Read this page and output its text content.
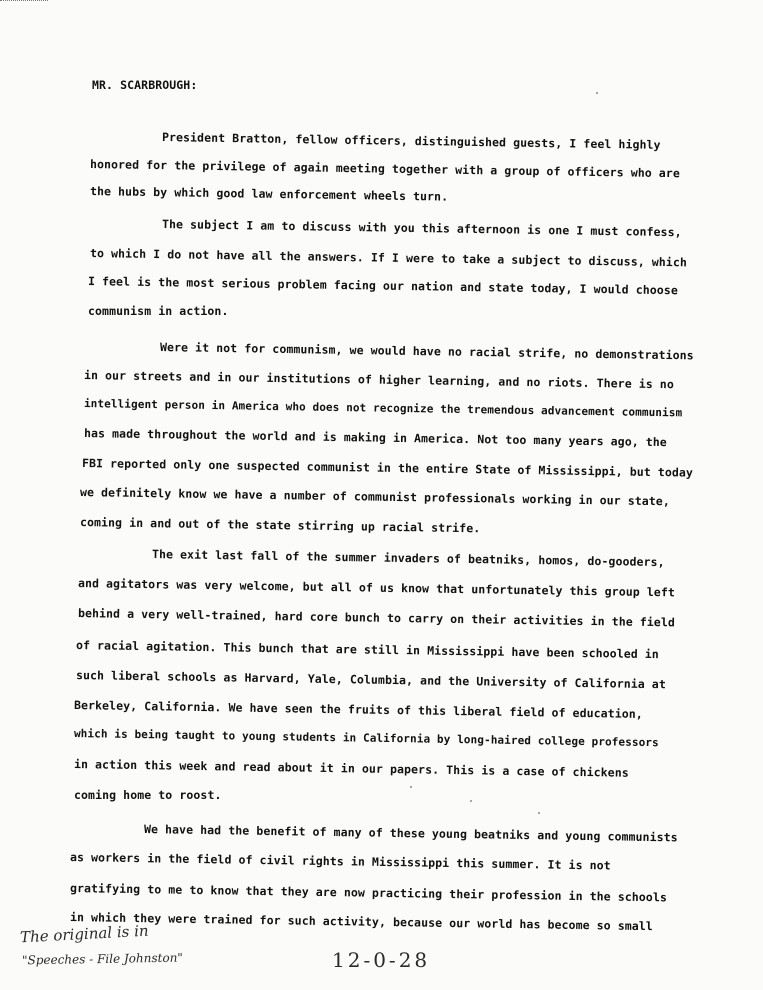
MR. SCARBROUGH:
President Bratton, fellow officers, distinguished guests, I feel highly
honored for the privilege of again meeting together with a group of officers who are
the hubs by which good law enforcement wheels turn.
The subject I am to discuss with you this afternoon is one I must confess,
to which I do not have all the answers. If I were to take a subject to discuss, which
I feel is the most serious problem facing our nation and state today, I would choose
communism in action.
Were it not for communism, we would have no racial strife, no demonstrations
in our streets and in our institutions of higher learning, and no riots. There is no
intelligent person in America who does not recognize the tremendous advancement communism
has made throughout the world and is making in America. Not too many years ago, the
FBI reported only one suspected communist in the entire State of Mississippi, but today
we definitely know we have a number of communist professionals working in our state,
coming in and out of the state stirring up racial strife.
The exit last fall of the summer invaders of beatniks, homos, do-gooders,
and agitators was very welcome, but all of us know that unfortunately this group left
behind a very well-trained, hard core bunch to carry on their activities in the field
of racial agitation. This bunch that are still in Mississippi have been schooled in
such liberal schools as Harvard, Yale, Columbia, and the University of California at
Berkeley, California. We have seen the fruits of this liberal field of education,
which is being taught to young students in California by long-haired college professors
in action this week and read about it in our papers. This is a case of chickens
coming home to roost.
We have had the benefit of many of these young beatniks and young communists
as workers in the field of civil rights in Mississippi this summer. It is not
gratifying to me to know that they are now practicing their profession in the schools
in which they were trained for such activity, because our world has become so small
The original is in
"Speeches - File Johnston"	12-0-28
